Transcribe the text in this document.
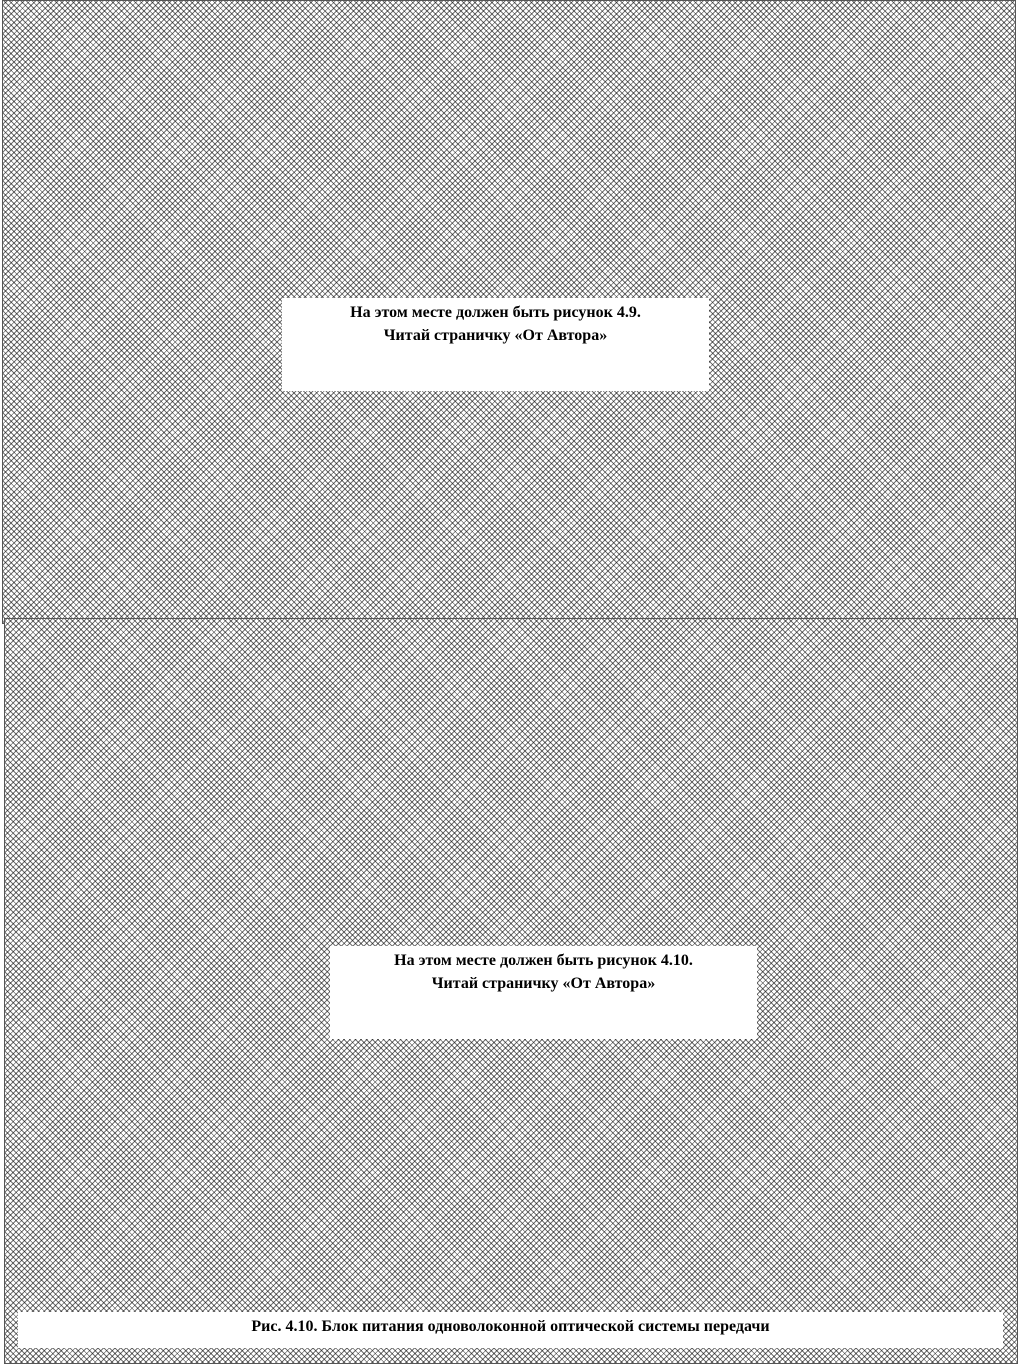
На этом месте должен быть рисунок 4.9.
Читай страничку «От Автора»
На этом месте должен быть рисунок 4.10.
Читай страничку «От Автора»
Рис. 4.10. Блок питания одноволоконной оптической системы передачи
